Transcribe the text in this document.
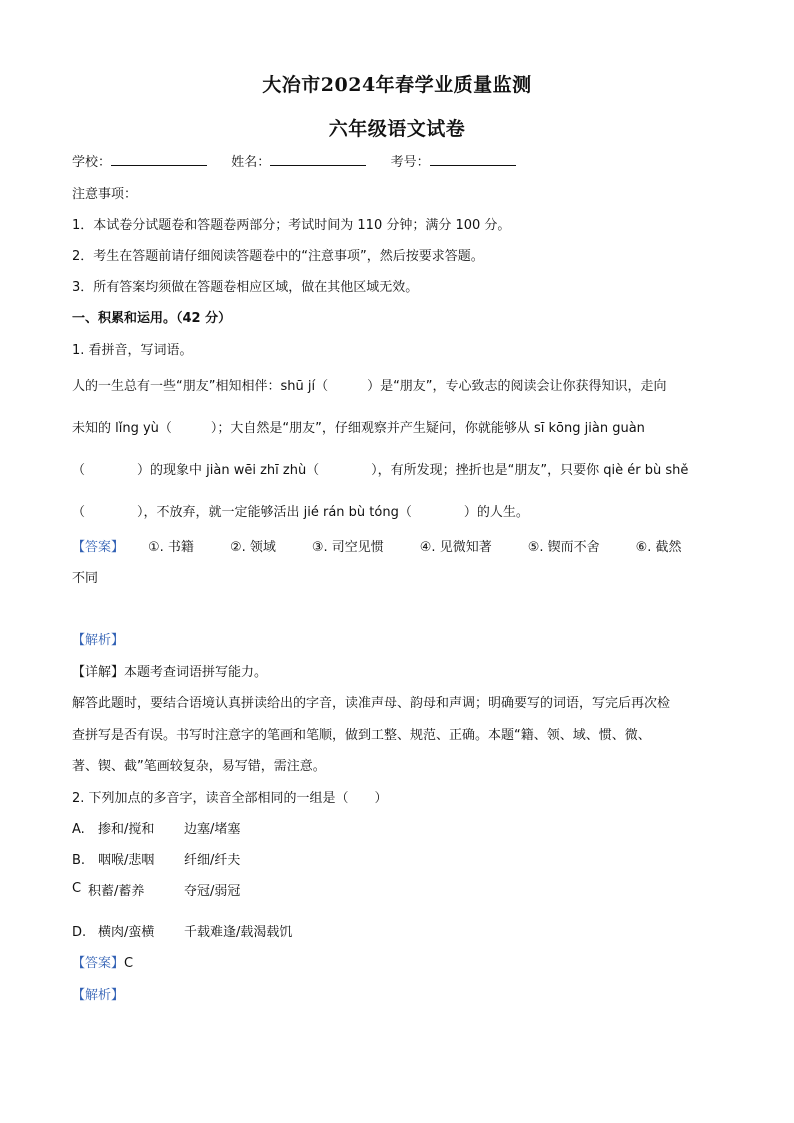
大冶市2024年春学业质量监测
六年级语文试卷
学校：	姓名：	考号：
注意事项：
1．本试卷分试题卷和答题卷两部分；考试时间为 110 分钟；满分 100 分。
2．考生在答题前请仔细阅读答题卷中的“注意事项”，然后按要求答题。
3．所有答案均须做在答题卷相应区域，做在其他区域无效。
一、积累和运用。（42 分）
1. 看拼音，写词语。
人的一生总有一些“朋友”相知相伴：shū jí（　　　）是“朋友”，专心致志的阅读会让你获得知识，走向
未知的 lǐng yù（　　　）；大自然是“朋友”，仔细观察并产生疑问，你就能够从 sī kōng jiàn guàn
（　　　　）的现象中 jiàn wēi zhī zhù（　　　　），有所发现；挫折也是“朋友”，只要你 qiè ér bù shě
（　　　　），不放弃，就一定能够活出 jié rán bù tóng（　　　　）的人生。
【答案】 ①. 书籍	②. 领域	③. 司空见惯	④. 见微知著	⑤. 锲而不舍	⑥. 截然
不同
【解析】
【详解】本题考查词语拼写能力。
解答此题时，要结合语境认真拼读给出的字音，读准声母、韵母和声调；明确要写的词语，写完后再次检
查拼写是否有误。书写时注意字的笔画和笔顺，做到工整、规范、正确。本题“籍、领、域、惯、微、
著、锲、截”笔画较复杂，易写错，需注意。
2. 下列加点的多音字，读音全部相同的一组是（　　）
A. 掺和/搅和 边塞/堵塞
B. 咽喉/悲咽 纤细/纤夫
C 积蓄/蓄养	夺冠/弱冠
D. 横肉/蛮横 千载难逢/载渴载饥
【答案】C
【解析】
